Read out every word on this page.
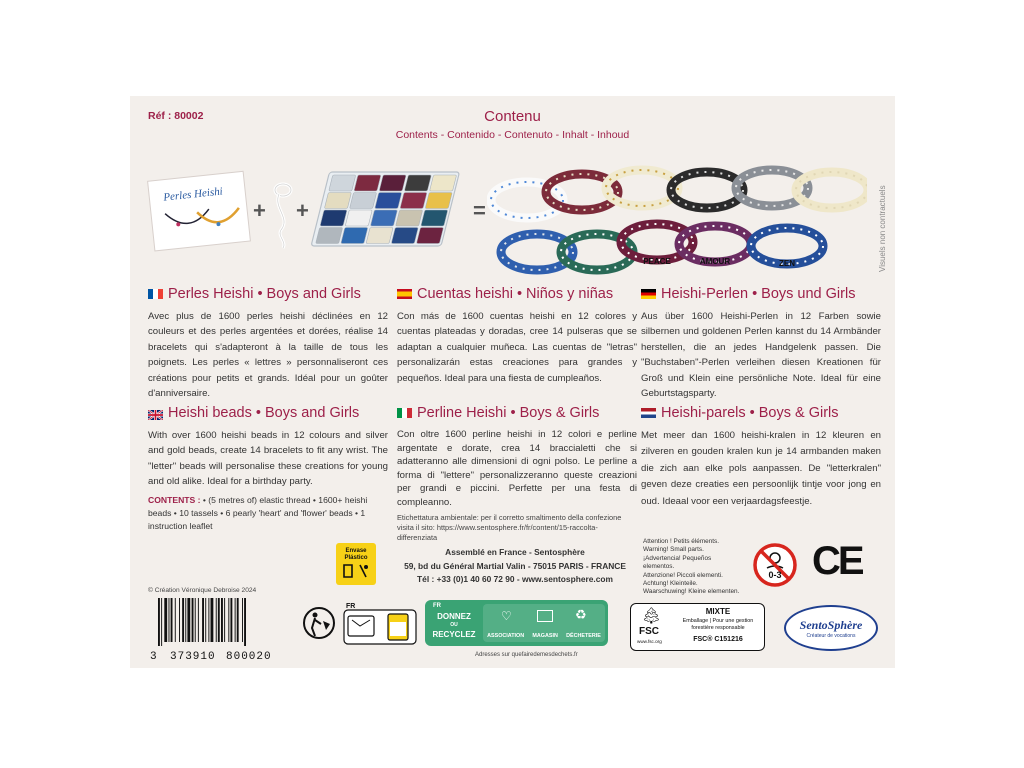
Réf : 80002	Contenu
Contents - Contenido - Contenuto - Inhalt - Inhoud
Visuels non contractuels
Perles Heishi
+ +	=
PEACE	AMOUR	ZEN
Perles Heishi • Boys and Girls
Avec plus de 1600 perles heishi déclinées en 12 couleurs et des perles argentées et dorées, réalise 14 bracelets qui s'adapteront à la taille de tous les poignets. Les perles « lettres » personnaliseront ces créations pour petits et grands. Idéal pour un goûter d'anniversaire.
Cuentas heishi • Niños y niñas
Con más de 1600 cuentas heishi en 12 colores y cuentas plateadas y doradas, cree 14 pulseras que se adaptan a cualquier muñeca. Las cuentas de "letras" personalizarán estas creaciones para grandes y pequeños. Ideal para una fiesta de cumpleaños.
Heishi-Perlen • Boys und Girls
Aus über 1600 Heishi-Perlen in 12 Farben sowie silbernen und goldenen Perlen kannst du 14 Armbänder herstellen, die an jedes Handgelenk passen. Die "Buchstaben"-Perlen verleihen diesen Kreationen für Groß und Klein eine persönliche Note. Ideal für eine Geburtstagsparty.
Heishi beads • Boys and Girls
With over 1600 heishi beads in 12 colours and silver and gold beads, create 14 bracelets to fit any wrist. The "letter" beads will personalise these creations for young and old alike. Ideal for a birthday party.
CONTENTS : • (5 metres of) elastic thread • 1600+ heishi beads • 10 tassels • 6 pearly 'heart' and 'flower' beads • 1 instruction leaflet
Perline Heishi • Boys & Girls
Con oltre 1600 perline heishi in 12 colori e perline argentate e dorate, crea 14 braccialetti che si adatteranno alle dimensioni di ogni polso. Le perline a forma di "lettere" personalizzeranno queste creazioni per grandi e piccini. Perfette per una festa di compleanno.
Etichettatura ambientale: per il corretto smaltimento della confezione visita il sito: https://www.sentosphere.fr/fr/content/15-raccolta-differenziata
Heishi-parels • Boys & Girls
Met meer dan 1600 heishi-kralen in 12 kleuren en zilveren en gouden kralen kun je 14 armbanden maken die zich aan elke pols aanpassen. De "letterkralen" geven deze creaties een persoonlijk tintje voor jong en oud. Ideaal voor een verjaardagsfeestje.
Envase
Plástico
Assemblé en France - Sentosphère
59, bd du Général Martial Valin - 75015 PARIS - FRANCE
Tél : +33 (0)1 40 60 72 90 - www.sentosphere.com
Attention ! Petits éléments.
Warning! Small parts.
¡Advertencia! Pequeños elementos.
Attenzione! Piccoli elementi.
Achtung! Kleinteile.
Waarschuwing! Kleine elementen.
0-3 CE
© Création Véronique Debroise 2024
3 373910 800020
FR	FR
DONNEZ
OU
RECYCLEZ	ASSOCIATION MAGASIN DÉCHETERIE
♡	♻
Adresses sur quefairedemesdechets.fr
🌲︎
FSC
www.fsc.org
MIXTE
Emballage | Pour une gestion forestière responsable
FSC® C151216
SentoSphère
Créateur de vocations
